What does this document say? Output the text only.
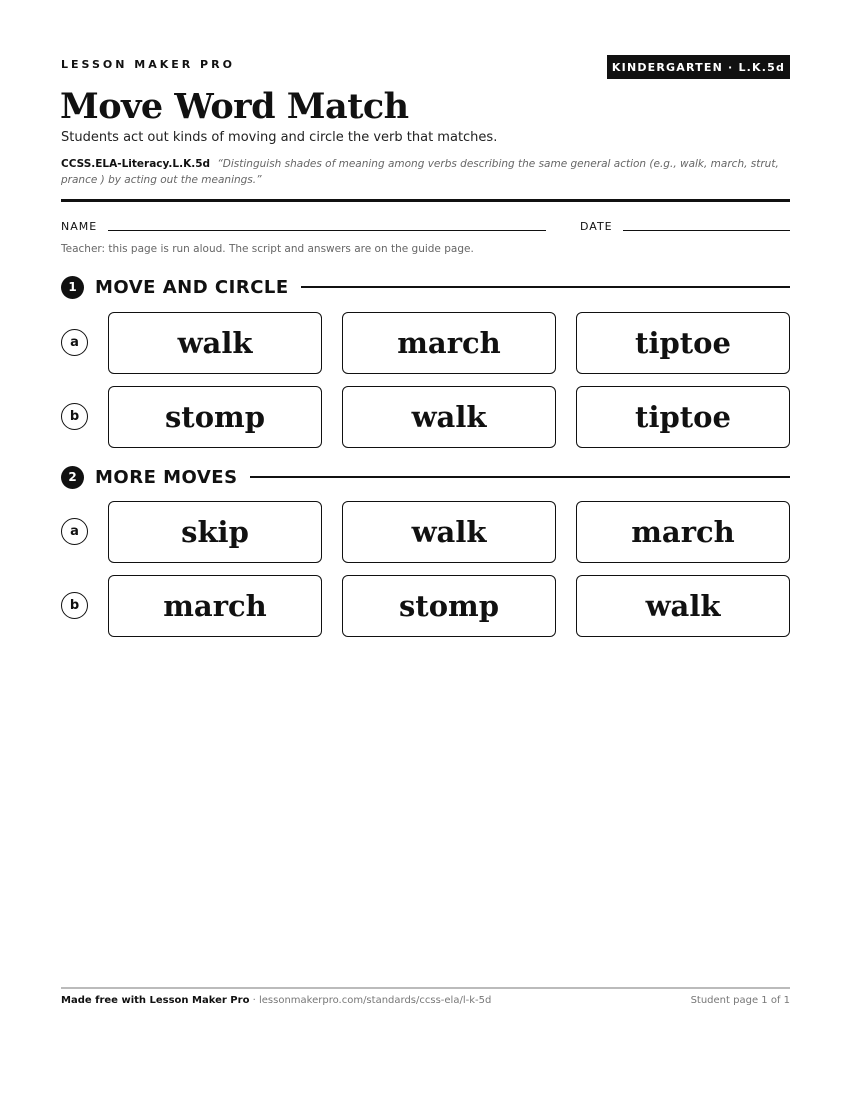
LESSON MAKER PRO	KINDERGARTEN · L.K.5d
Move Word Match
Students act out kinds of moving and circle the verb that matches.
CCSS.ELA-Literacy.L.K.5d “Distinguish shades of meaning among verbs describing the same general action (e.g., walk, march, strut, prance ) by acting out the meanings.”
NAME	DATE
Teacher: this page is run aloud. The script and answers are on the guide page.
1	MOVE AND CIRCLE
a	walk	march	tiptoe
b	stomp	walk	tiptoe
2	MORE MOVES
a	skip	walk	march
b	march	stomp	walk
Made free with Lesson Maker Pro · lessonmakerpro.com/standards/ccss-ela/l-k-5d	Student page 1 of 1
